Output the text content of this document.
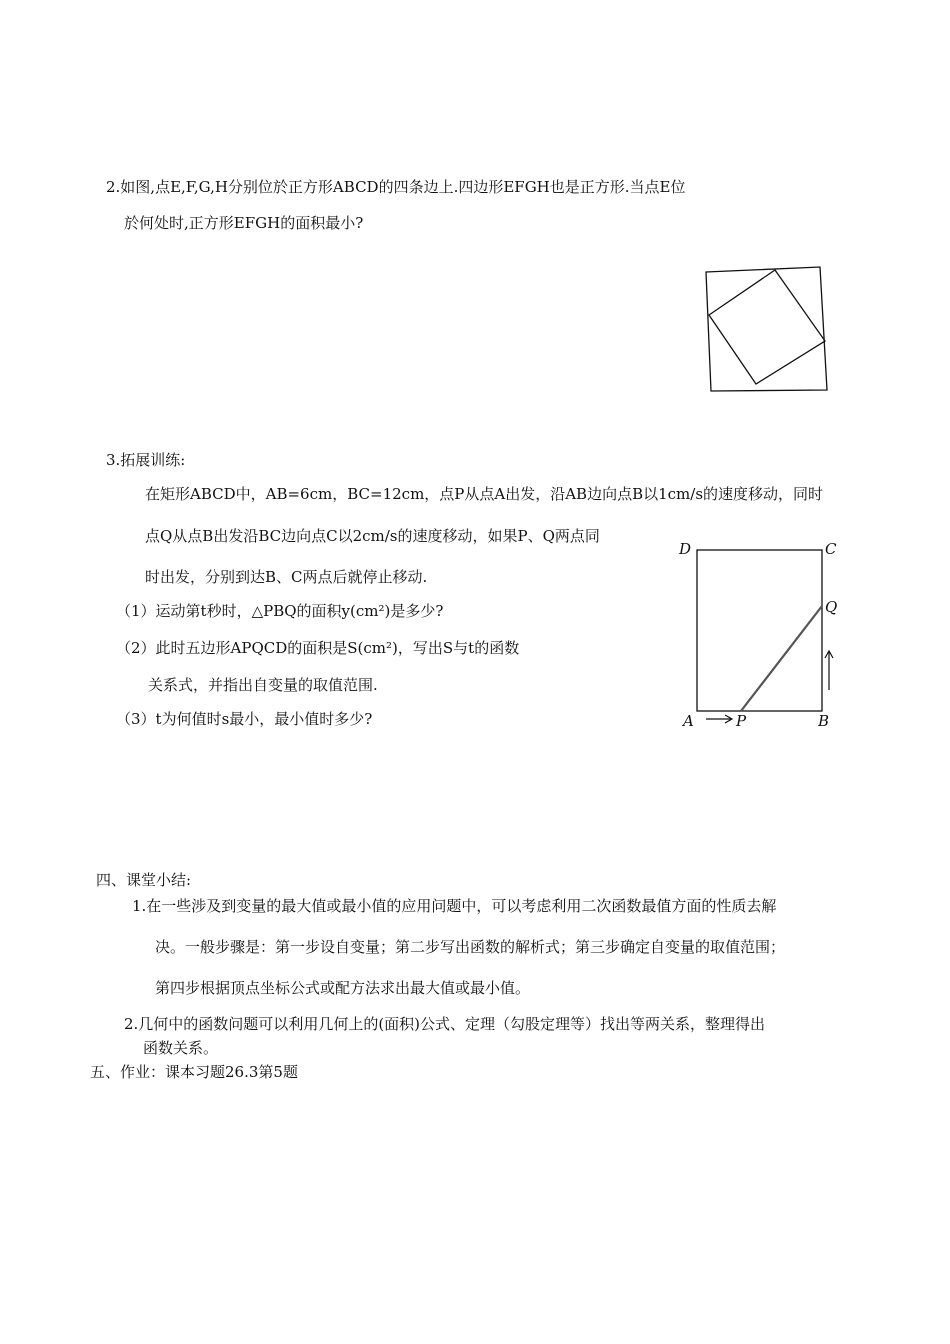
2.如图,点E,F,G,H分别位於正方形ABCD的四条边上.四边形EFGH也是正方形.当点E位
於何处时,正方形EFGH的面积最小?
3.拓展训练:
在矩形ABCD中，AB=6cm，BC=12cm，点P从点A出发，沿AB边向点B以1cm/s的速度移动，同时
点Q从点B出发沿BC边向点C以2cm/s的速度移动，如果P、Q两点同
时出发，分别到达B、C两点后就停止移动.
（1）运动第t秒时，△PBQ的面积y(cm²)是多少?
（2）此时五边形APQCD的面积是S(cm²)，写出S与t的函数
关系式，并指出自变量的取值范围.
（3）t为何值时s最小，最小值时多少?
D	C
Q
A	P	B
四、课堂小结:
1.在一些涉及到变量的最大值或最小值的应用问题中，可以考虑利用二次函数最值方面的性质去解
决。一般步骤是：第一步设自变量；第二步写出函数的解析式；第三步确定自变量的取值范围；
第四步根据顶点坐标公式或配方法求出最大值或最小值。
2.几何中的函数问题可以利用几何上的(面积)公式、定理（勾股定理等）找出等两关系，整理得出
函数关系。
五、作业：课本习题26.3第5题
